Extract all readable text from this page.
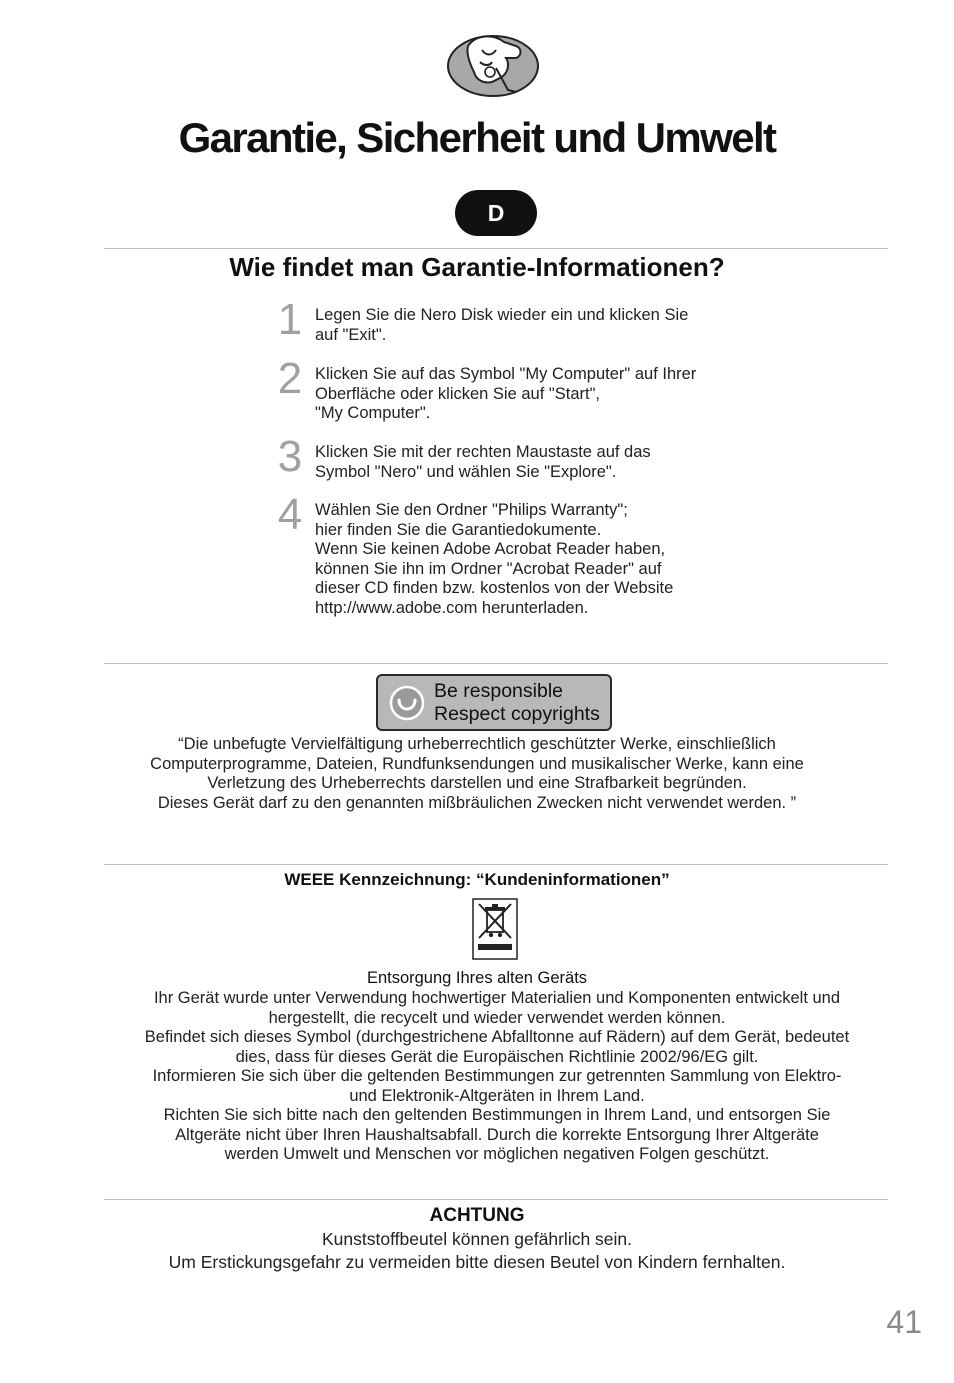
Garantie, Sicherheit und Umwelt
D
Wie findet man Garantie-Informationen?
1 Legen Sie die Nero Disk wieder ein und klicken Sie
auf "Exit".
2 Klicken Sie auf das Symbol "My Computer" auf Ihrer
Oberfläche oder klicken Sie auf "Start",
"My Computer".
3 Klicken Sie mit der rechten Maustaste auf das
Symbol "Nero" und wählen Sie "Explore".
4 Wählen Sie den Ordner "Philips Warranty";
hier finden Sie die Garantiedokumente.
Wenn Sie keinen Adobe Acrobat Reader haben,
können Sie ihn im Ordner "Acrobat Reader" auf
dieser CD finden bzw. kostenlos von der Website
http://www.adobe.com herunterladen.
Be responsible
Respect copyrights
“Die unbefugte Vervielfältigung urheberrechtlich geschützter Werke, einschließlich
Computerprogramme, Dateien, Rundfunksendungen und musikalischer Werke, kann eine
Verletzung des Urheberrechts darstellen und eine Strafbarkeit begründen.
Dieses Gerät darf zu den genannten mißbräulichen Zwecken nicht verwendet werden. ”
WEEE Kennzeichnung: “Kundeninformationen”
Entsorgung Ihres alten Geräts
Ihr Gerät wurde unter Verwendung hochwertiger Materialien und Komponenten entwickelt und
hergestellt, die recycelt und wieder verwendet werden können.
Befindet sich dieses Symbol (durchgestrichene Abfalltonne auf Rädern) auf dem Gerät, bedeutet
dies, dass für dieses Gerät die Europäischen Richtlinie 2002/96/EG gilt.
Informieren Sie sich über die geltenden Bestimmungen zur getrennten Sammlung von Elektro-
und Elektronik-Altgeräten in Ihrem Land.
Richten Sie sich bitte nach den geltenden Bestimmungen in Ihrem Land, und entsorgen Sie
Altgeräte nicht über Ihren Haushaltsabfall. Durch die korrekte Entsorgung Ihrer Altgeräte
werden Umwelt und Menschen vor möglichen negativen Folgen geschützt.
ACHTUNG
Kunststoffbeutel können gefährlich sein.
Um Erstickungsgefahr zu vermeiden bitte diesen Beutel von Kindern fernhalten.
41
